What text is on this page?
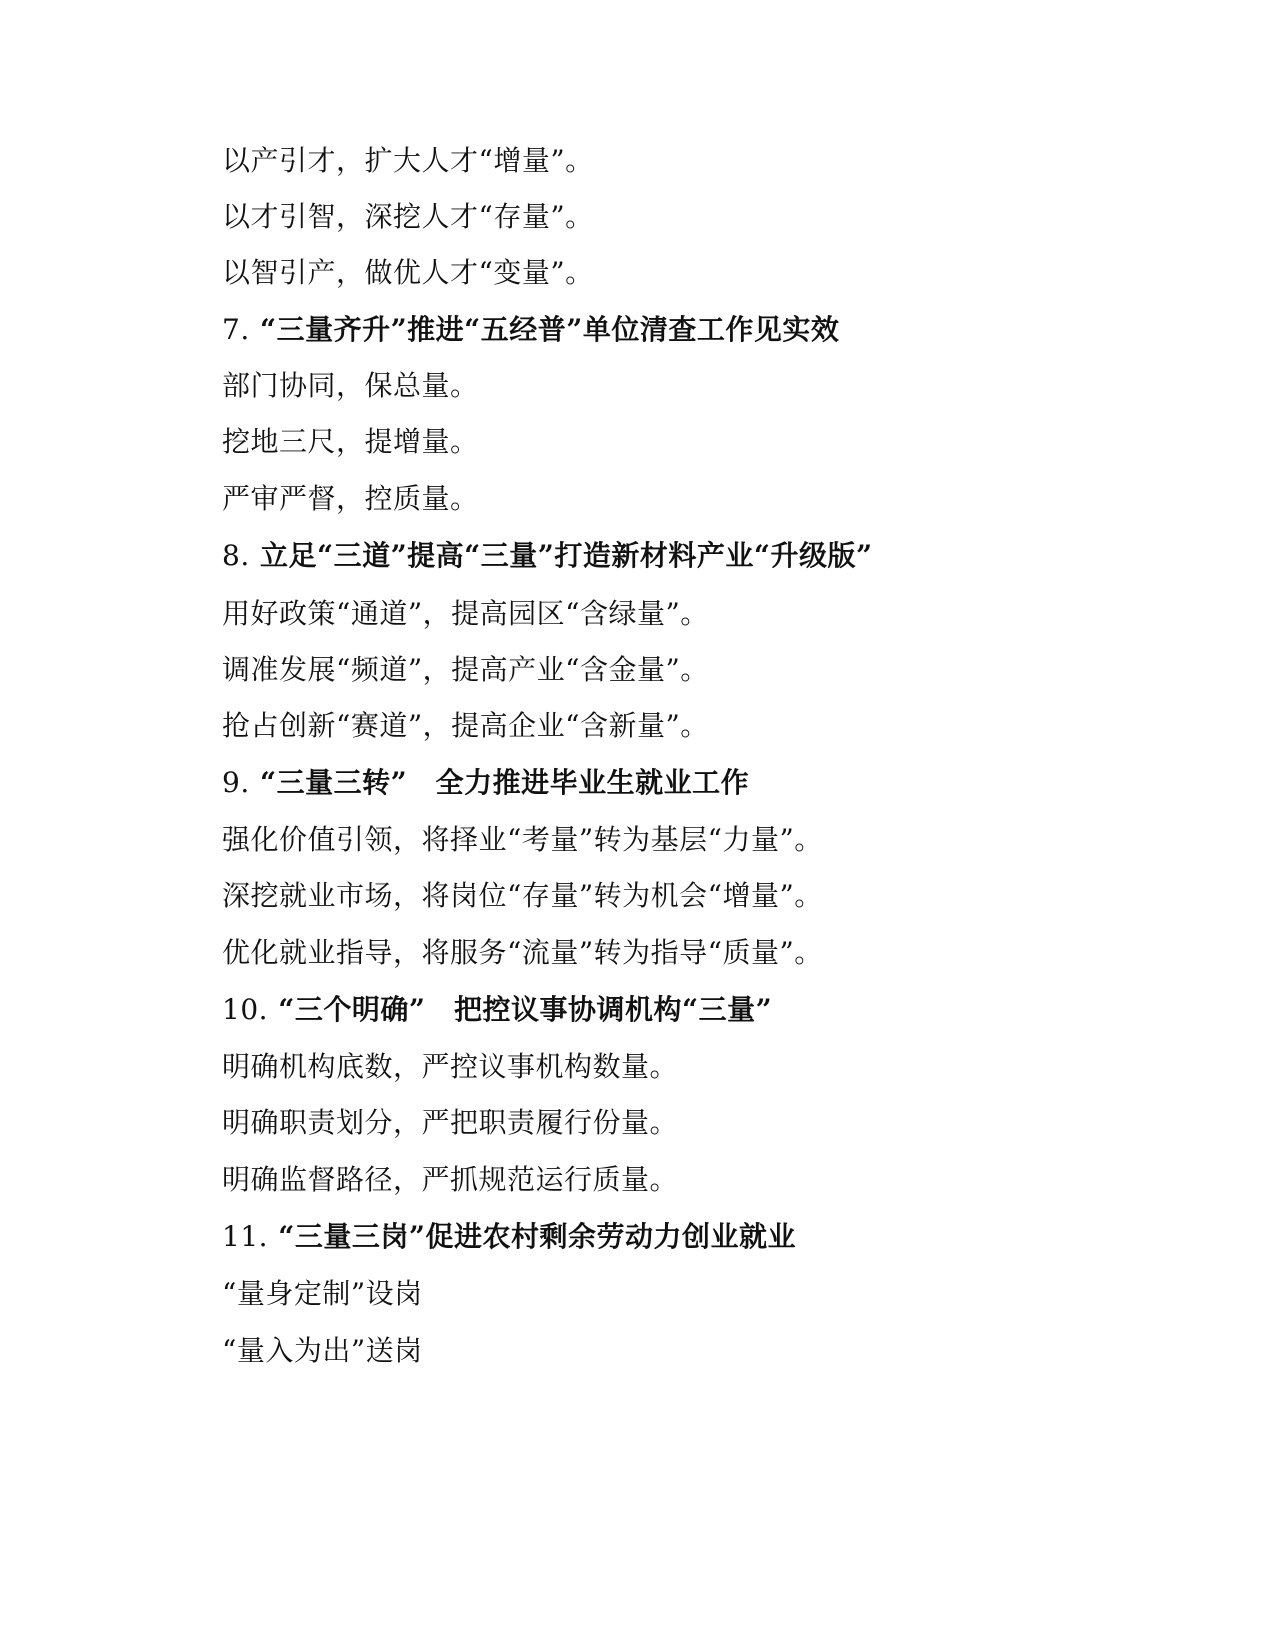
以产引才，扩大人才“增量”。
以才引智，深挖人才“存量”。
以智引产，做优人才“变量”。
7. “三量齐升”推进“五经普”单位清查工作见实效
部门协同，保总量。
挖地三尺，提增量。
严审严督，控质量。
8. 立足“三道”提高“三量”打造新材料产业“升级版”
用好政策“通道”，提高园区“含绿量”。
调准发展“频道”，提高产业“含金量”。
抢占创新“赛道”，提高企业“含新量”。
9. “三量三转”　全力推进毕业生就业工作
强化价值引领，将择业“考量”转为基层“力量”。
深挖就业市场，将岗位“存量”转为机会“增量”。
优化就业指导，将服务“流量”转为指导“质量”。
10. “三个明确”　把控议事协调机构“三量”
明确机构底数，严控议事机构数量。
明确职责划分，严把职责履行份量。
明确监督路径，严抓规范运行质量。
11. “三量三岗”促进农村剩余劳动力创业就业
“量身定制”设岗
“量入为出”送岗
